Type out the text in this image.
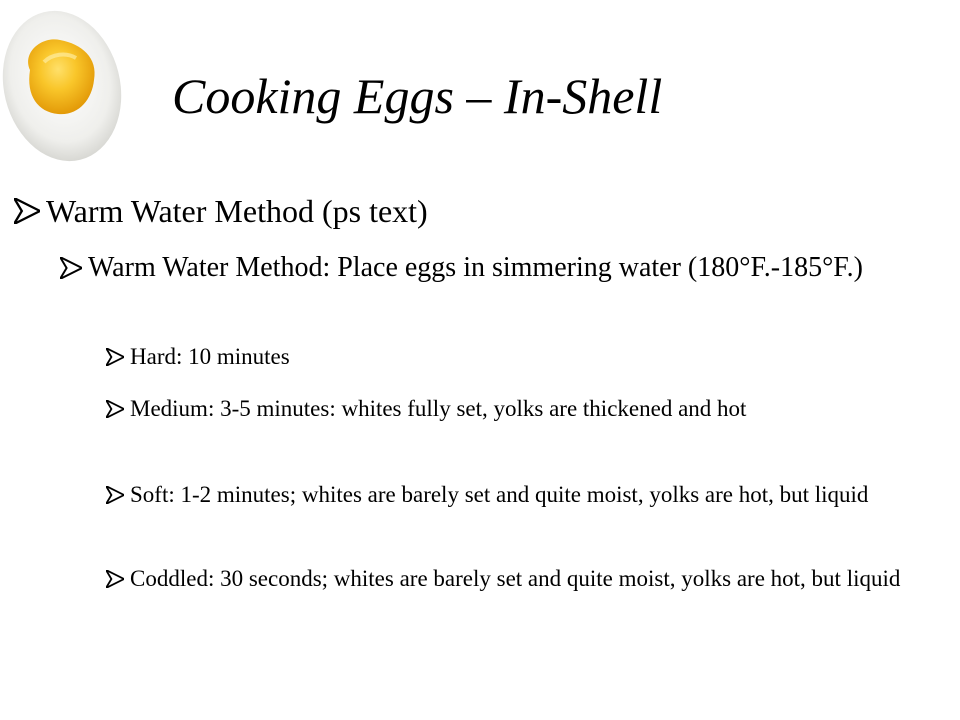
Cooking Eggs – In-Shell
Warm Water Method (ps text)
Warm Water Method: Place eggs in simmering water (180°F.-185°F.)
Hard: 10 minutes
Medium: 3-5 minutes: whites fully set, yolks are thickened and hot
Soft: 1-2 minutes; whites are barely set and quite moist, yolks are hot, but liquid
Coddled: 30 seconds; whites are barely set and quite moist, yolks are hot, but liquid
